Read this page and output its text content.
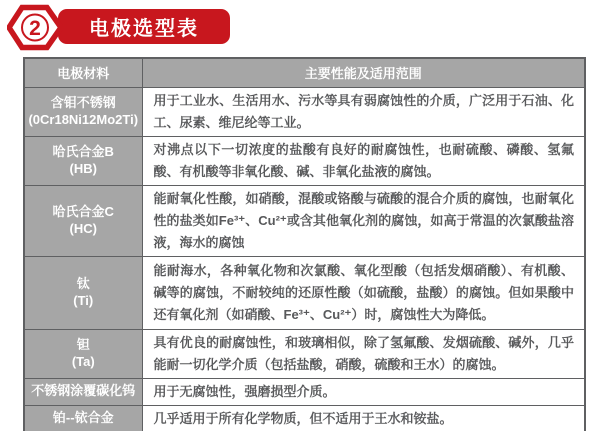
2 电极选型表
电极材料	主要性能及适用范围

含钼不锈钢
(0Cr18Ni12Mo2Ti)	用于工业水、生活用水、污水等具有弱腐蚀性的介质，广泛用于石油、化工、尿素、维尼纶等工业。

哈氏合金B
(HB)	对沸点以下一切浓度的盐酸有良好的耐腐蚀性，也耐硫酸、磷酸、氢氟酸、有机酸等非氧化酸、碱、非氧化盐液的腐蚀。

哈氏合金C
(HC)	能耐氧化性酸，如硝酸，混酸或铬酸与硫酸的混合介质的腐蚀，也耐氧化性的盐类如Fe³⁺、Cu²⁺或含其他氧化剂的腐蚀，如高于常温的次氯酸盐溶液，海水的腐蚀

钛
(Ti)	能耐海水，各种氧化物和次氯酸、氧化型酸（包括发烟硝酸）、有机酸、碱等的腐蚀，不耐较纯的还原性酸（如硫酸，盐酸）的腐蚀。但如果酸中还有氧化剂（如硝酸、Fe³⁺、Cu²⁺）时，腐蚀性大为降低。

钽
(Ta)	具有优良的耐腐蚀性，和玻璃相似，除了氢氟酸、发烟硫酸、碱外，几乎能耐一切化学介质（包括盐酸，硝酸，硫酸和王水）的腐蚀。

不锈钢涂覆碳化钨	用于无腐蚀性，强磨损型介质。

铂--铱合金	几乎适用于所有化学物质，但不适用于王水和铵盐。
